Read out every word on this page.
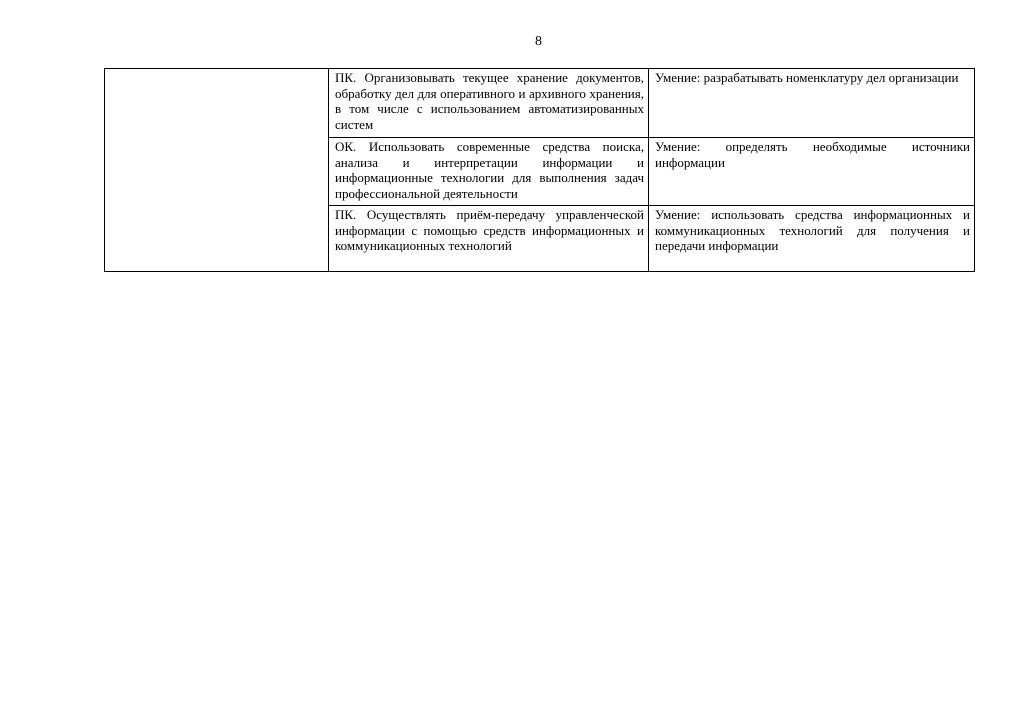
8
	ПК. Организовывать текущее хранение документов, обработку дел для оперативного и архивного хранения, в том числе с использованием автоматизированных систем	Умение: разрабатывать номенклатуру дел организации
	ОК. Использовать современные средства поиска, анализа и интерпретации информации и информационные технологии для выполнения задач профессиональной деятельности	Умение: определять необходимые источники информации
	ПК. Осуществлять приём-передачу управленческой информации с помощью средств информационных и коммуникационных технологий	Умение: использовать средства информационных и коммуникационных технологий для получения и передачи информации
